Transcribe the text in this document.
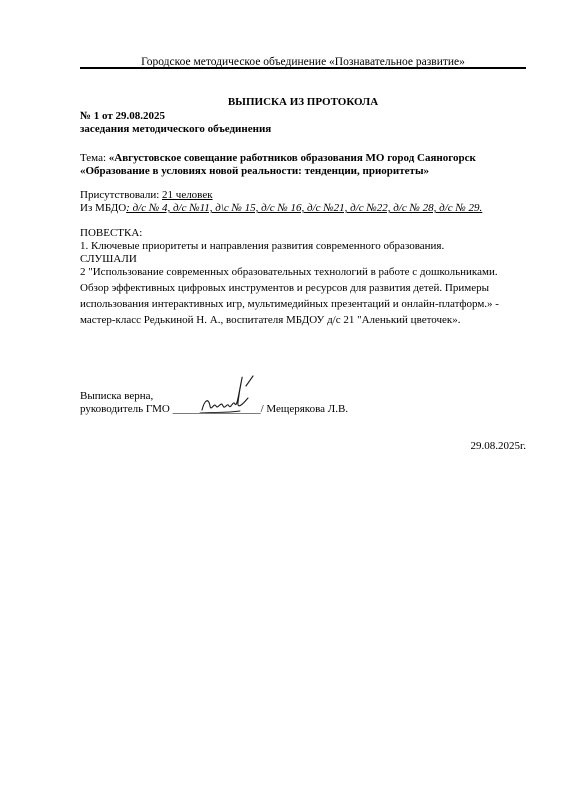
Городское методическое объединение «Познавательное развитие»
ВЫПИСКА ИЗ ПРОТОКОЛА
№ 1 от 29.08.2025
заседания методического объединения
Тема: «Августовское совещание работников образования МО город Саяногорск
«Образование в условиях новой реальности: тенденции, приоритеты»
Присутствовали: 21 человек
Из МБДО: д/с № 4, д/с №11, д\с № 15, д/с № 16, д/с №21, д/с №22, д/с № 28, д/с № 29.
ПОВЕСТКА:
1. Ключевые приоритеты и направления развития современного образования.
СЛУШАЛИ
2 "Использование современных образовательных технологий в работе с дошкольниками.
Обзор эффективных цифровых инструментов и ресурсов для развития детей. Примеры
использования интерактивных игр, мультимедийных презентаций и онлайн-платформ.» -
мастер-класс Редькиной Н. А., воспитателя МБДОУ д/с 21 "Аленький цветочек».

Выписка верна,

руководитель ГМО ________________/ Мещерякова Л.В.

29.08.2025г.
